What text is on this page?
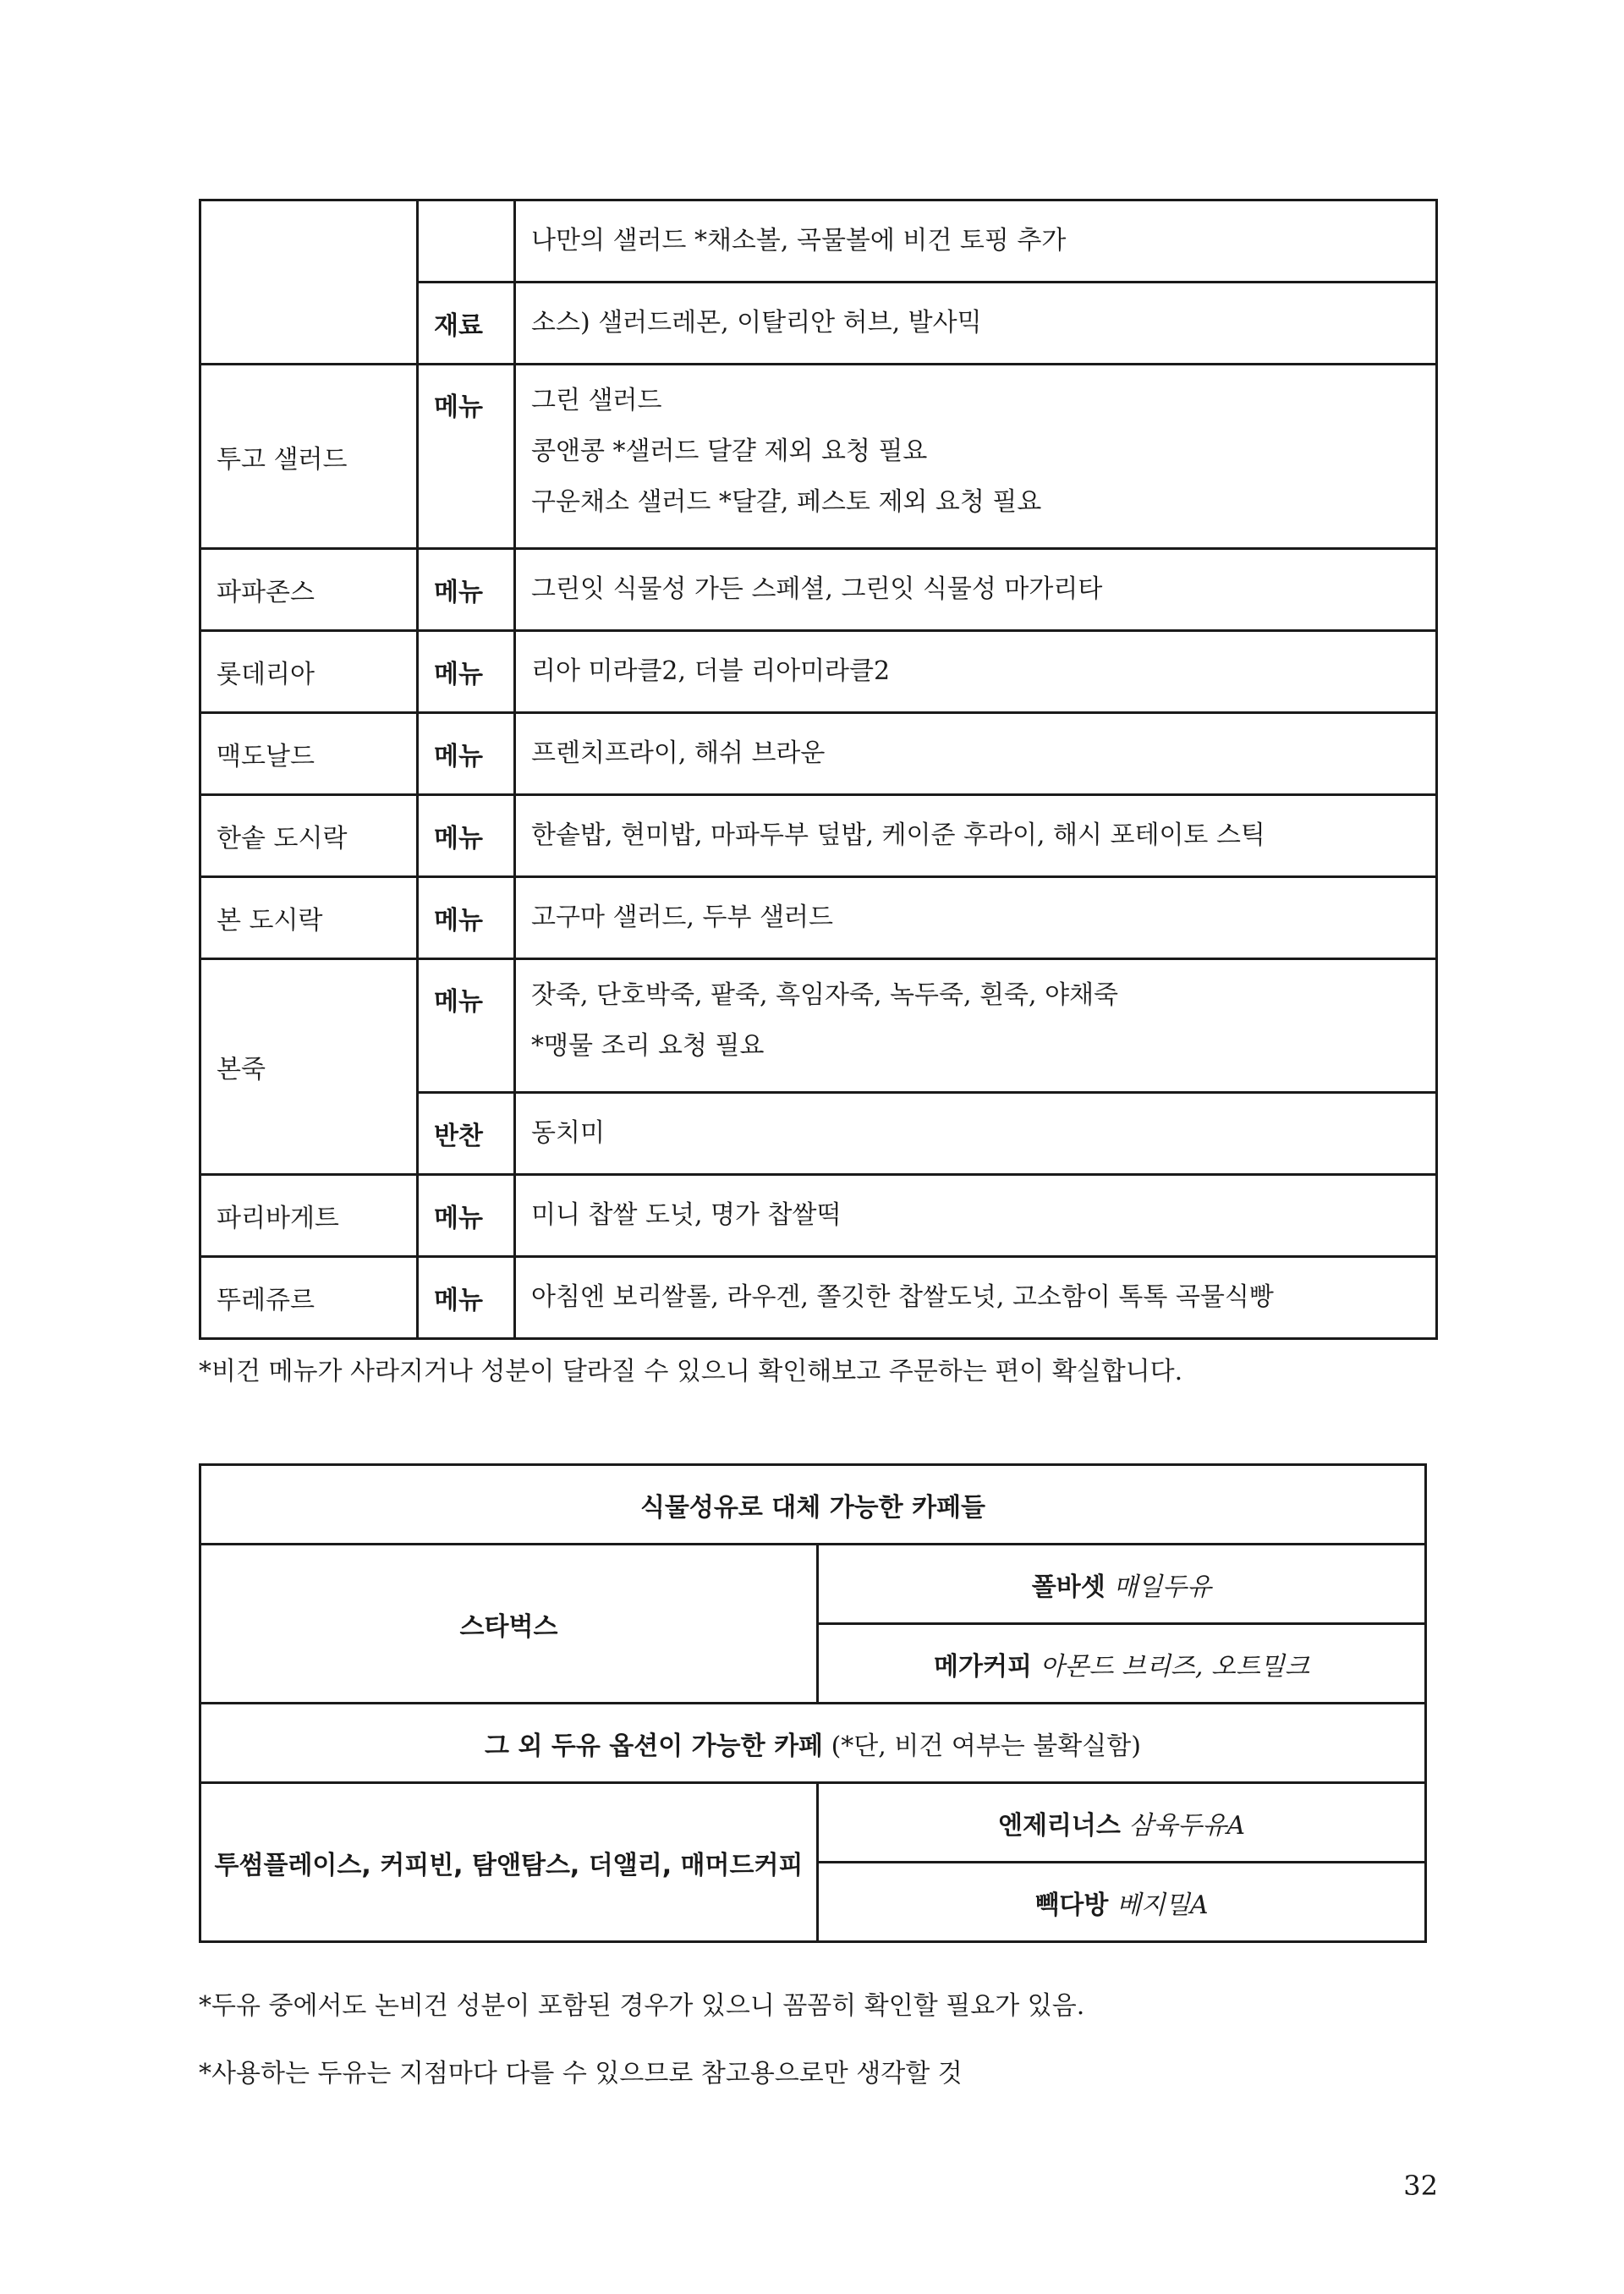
		나만의 샐러드 *채소볼, 곡물볼에 비건 토핑 추가

	재료	소스) 샐러드레몬, 이탈리안 허브, 발사믹

투고 샐러드	메뉴	그린 샐러드
콩앤콩 *샐러드 달걀 제외 요청 필요
구운채소 샐러드 *달걀, 페스토 제외 요청 필요

파파존스	메뉴	그린잇 식물성 가든 스페셜, 그린잇 식물성 마가리타

롯데리아	메뉴	리아 미라클2, 더블 리아미라클2

맥도날드	메뉴	프렌치프라이, 해쉬 브라운

한솥 도시락	메뉴	한솥밥, 현미밥, 마파두부 덮밥, 케이준 후라이, 해시 포테이토 스틱

본 도시락	메뉴	고구마 샐러드, 두부 샐러드

본죽	메뉴	잣죽, 단호박죽, 팥죽, 흑임자죽, 녹두죽, 흰죽, 야채죽
*맹물 조리 요청 필요

	반찬	동치미

파리바게트	메뉴	미니 찹쌀 도넛, 명가 찹쌀떡

뚜레쥬르	메뉴	아침엔 보리쌀롤, 라우겐, 쫄깃한 찹쌀도넛, 고소함이 톡톡 곡물식빵
*비건 메뉴가 사라지거나 성분이 달라질 수 있으니 확인해보고 주문하는 편이 확실합니다.
식물성유로 대체 가능한 카페들	
스타벅스	폴바셋 매일두유
	메가커피 아몬드 브리즈, 오트밀크
그 외 두유 옵션이 가능한 카페 (*단, 비건 여부는 불확실함)	
투썸플레이스, 커피빈, 탐앤탐스, 더앨리, 매머드커피	엔제리너스 삼육두유A
	빽다방 베지밀A
*두유 중에서도 논비건 성분이 포함된 경우가 있으니 꼼꼼히 확인할 필요가 있음.
*사용하는 두유는 지점마다 다를 수 있으므로 참고용으로만 생각할 것
32
